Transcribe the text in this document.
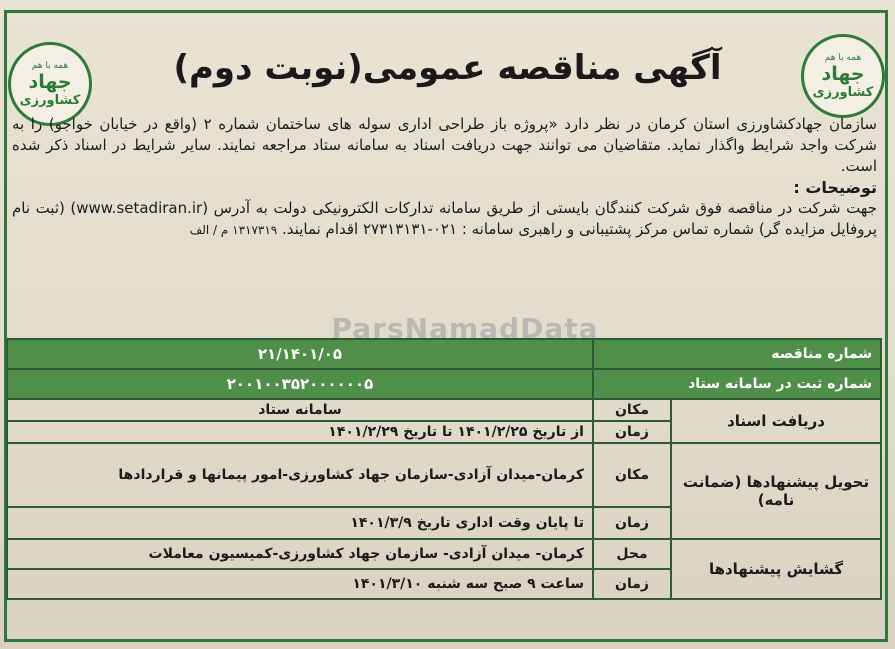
همه با هم
جهاد
کشاورزی
همه با هم
جهاد
کشاورزی
آگهی مناقصه عمومی(نوبت دوم)

سازمان جهادکشاورزی استان کرمان در نظر دارد «پروژه باز طراحی اداری سوله های ساختمان شماره ۲ (واقع در خیابان خواجو) را به شرکت واجد شرایط واگذار نماید. متقاضیان می توانند جهت دریافت اسناد به سامانه ستاد مراجعه نمایند. سایر شرایط در اسناد ذکر شده است.

توضیحات :

جهت شرکت در مناقصه فوق شرکت کنندگان بایستی از طریق سامانه تدارکات الکترونیکی دولت به آدرس (www.setadiran.ir) (ثبت نام پروفایل مزایده گر) شماره تماس مرکز پشتیبانی و راهبری سامانه : ۰۲۱-۲۷۳۱۳۱۳۱ اقدام نمایند. ۱۳۱۷۳۱۹ م / الف

شماره مناقصه		۲۱/۱۴۰۱/۰۵
شماره ثبت در سامانه ستاد		۲۰۰۱۰۰۳۵۲۰۰۰۰۰۰۵
دریافت اسناد	مکان	سامانه ستاد
	زمان	از تاریخ ۱۴۰۱/۲/۲۵ تا تاریخ ۱۴۰۱/۲/۲۹
تحویل پیشنهادها (ضمانت نامه)	مکان	کرمان-میدان آزادی-سازمان جهاد کشاورزی-امور پیمانها و قراردادها
	زمان	تا پایان وقت اداری تاریخ ۱۴۰۱/۳/۹
گشایش پیشنهادها	محل	کرمان- میدان آزادی- سازمان جهاد کشاورزی-کمیسیون معاملات
	زمان	ساعت ۹ صبح سه شنبه ۱۴۰۱/۳/۱۰
ParsNamadData
